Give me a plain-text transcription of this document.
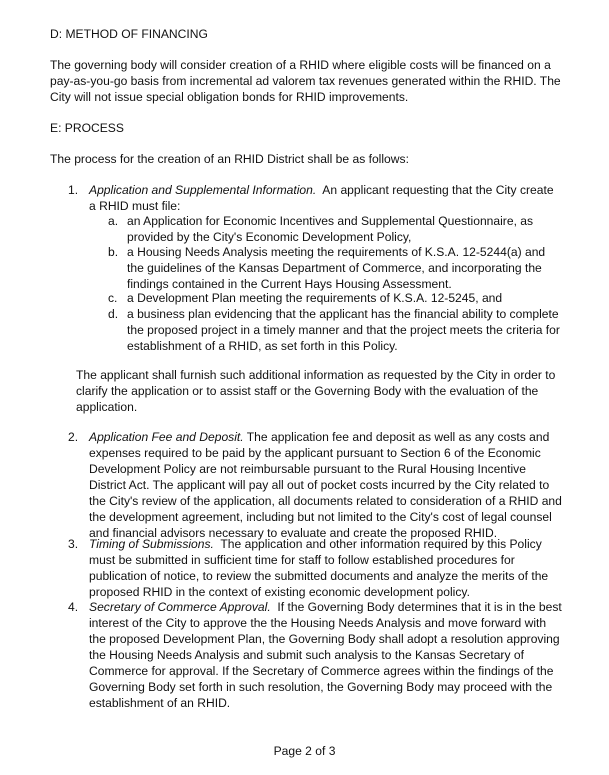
D: METHOD OF FINANCING
The governing body will consider creation of a RHID where eligible costs will be financed on a
pay-as-you-go basis from incremental ad valorem tax revenues generated within the RHID. The
City will not issue special obligation bonds for RHID improvements.
E: PROCESS
The process for the creation of an RHID District shall be as follows:
1. Application and Supplemental Information.  An applicant requesting that the City create
a RHID must file:
a. an Application for Economic Incentives and Supplemental Questionnaire, as
provided by the City's Economic Development Policy,
b. a Housing Needs Analysis meeting the requirements of K.S.A. 12-5244(a) and
the guidelines of the Kansas Department of Commerce, and incorporating the
findings contained in the Current Hays Housing Assessment.
c. a Development Plan meeting the requirements of K.S.A. 12-5245, and
d. a business plan evidencing that the applicant has the financial ability to complete
the proposed project in a timely manner and that the project meets the criteria for
establishment of a RHID, as set forth in this Policy.
The applicant shall furnish such additional information as requested by the City in order to
clarify the application or to assist staff or the Governing Body with the evaluation of the
application.
2. Application Fee and Deposit. The application fee and deposit as well as any costs and
expenses required to be paid by the applicant pursuant to Section 6 of the Economic
Development Policy are not reimbursable pursuant to the Rural Housing Incentive
District Act. The applicant will pay all out of pocket costs incurred by the City related to
the City's review of the application, all documents related to consideration of a RHID and
the development agreement, including but not limited to the City's cost of legal counsel
and financial advisors necessary to evaluate and create the proposed RHID.
3. Timing of Submissions.  The application and other information required by this Policy
must be submitted in sufficient time for staff to follow established procedures for
publication of notice, to review the submitted documents and analyze the merits of the
proposed RHID in the context of existing economic development policy.
4. Secretary of Commerce Approval.  If the Governing Body determines that it is in the best
interest of the City to approve the the Housing Needs Analysis and move forward with
the proposed Development Plan, the Governing Body shall adopt a resolution approving
the Housing Needs Analysis and submit such analysis to the Kansas Secretary of
Commerce for approval. If the Secretary of Commerce agrees within the findings of the
Governing Body set forth in such resolution, the Governing Body may proceed with the
establishment of an RHID.
Page 2 of 3
